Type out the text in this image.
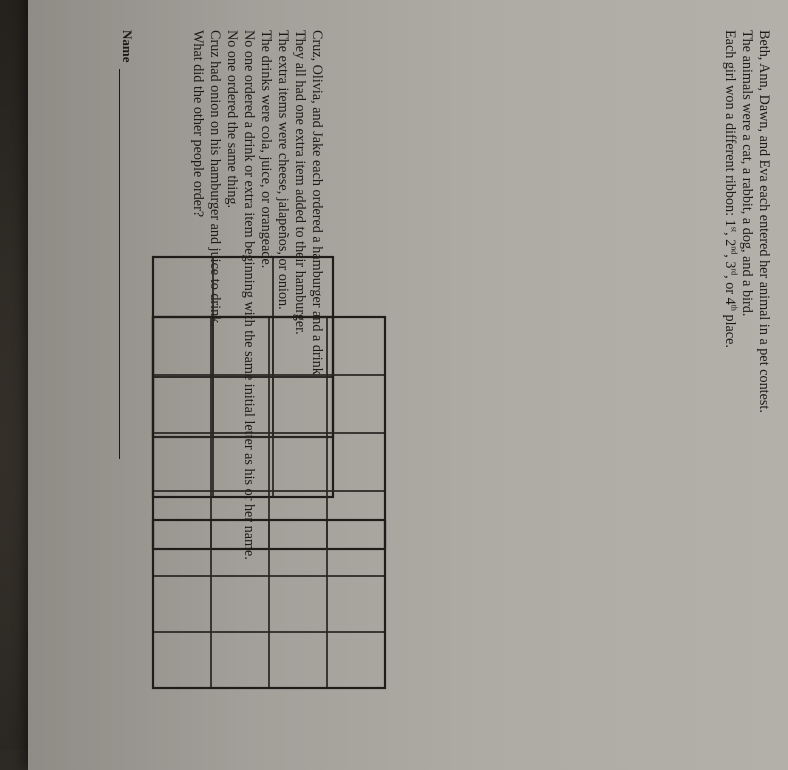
Name	Cruz, Olivia, and Jake each ordered a hamburger and a drink.
They all had one extra item added to their hamburger.
The extra items were cheese, jalapeños, or onion.
The drinks were cola, juice, or orangeade.
No one ordered a drink or extra item beginning with the same initial letter as his or her name.
No one ordered the same thing.
Cruz had onion on his hamburger and juice to drink.
What did the other people order?	Beth, Ann, Dawn, and Eva each entered her animal in a pet contest.
The animals were a cat, a rabbit, a dog, and a bird.
Each girl won a different ribbon: 1st, 2nd, 3rd, or 4th place.
